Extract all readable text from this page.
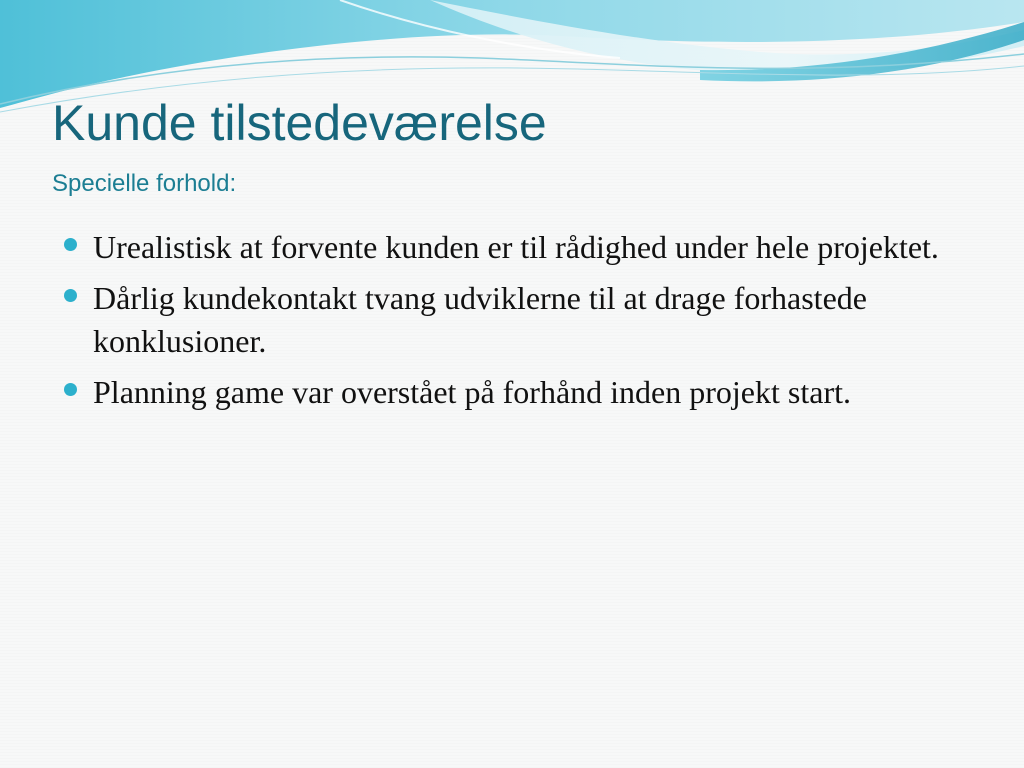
Kunde tilstedeværelse
Specielle forhold:
Urealistisk at forvente kunden er til rådighed under hele projektet.
Dårlig kundekontakt tvang udviklerne til at drage forhastede konklusioner.
Planning game var overstået på forhånd inden projekt start.
